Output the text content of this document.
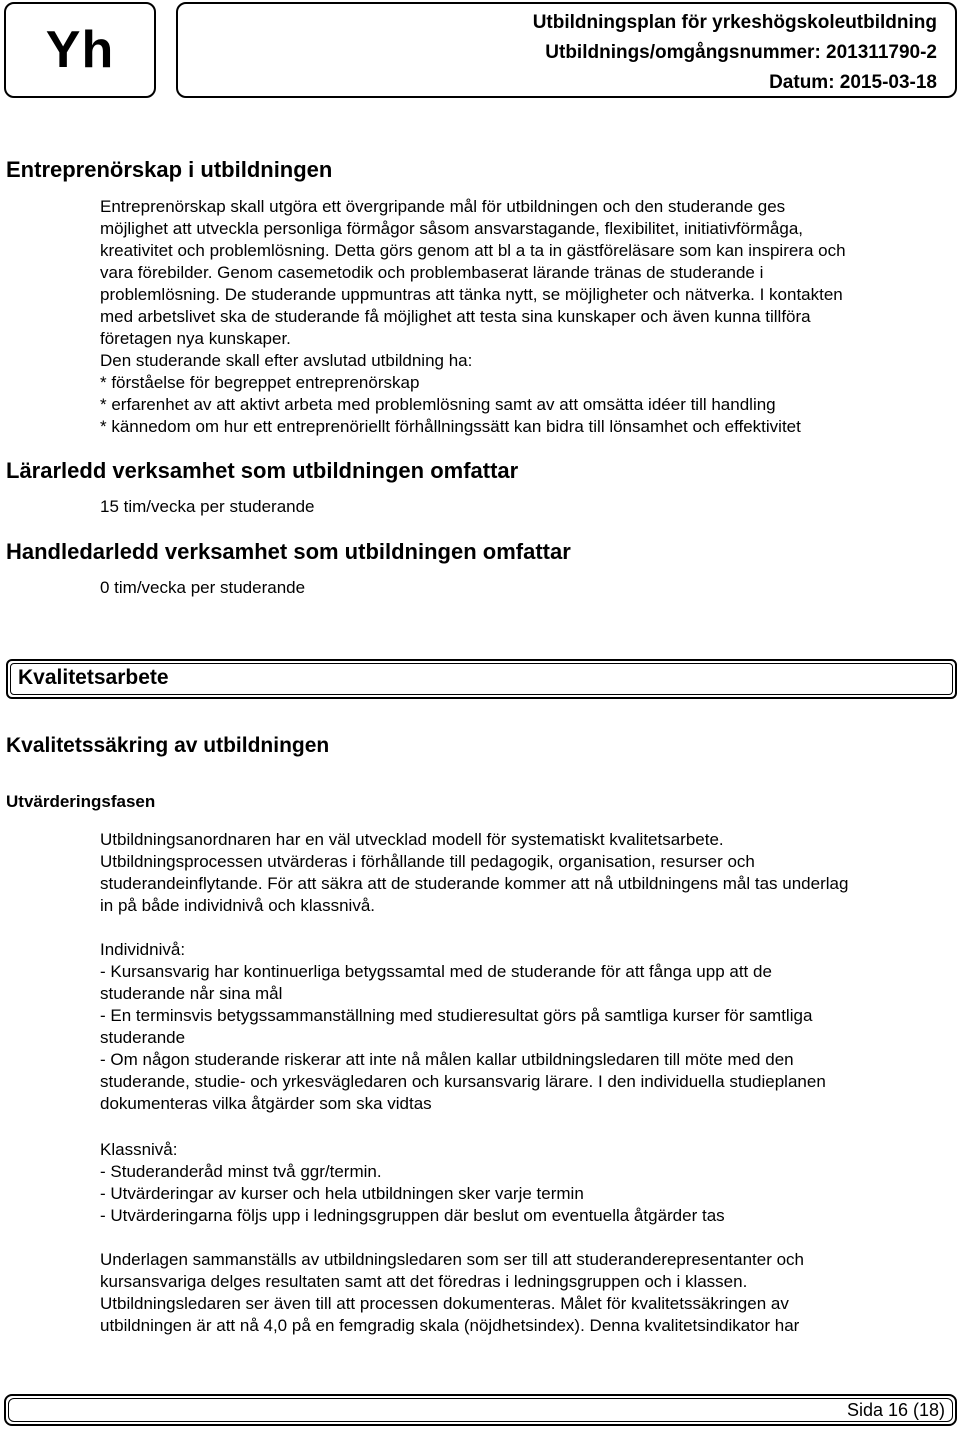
Yh	Utbildningsplan för yrkeshögskoleutbildning
Utbildnings/omgångsnummer: 201311790-2
Datum: 2015-03-18
Entreprenörskap i utbildningen
Entreprenörskap skall utgöra ett övergripande mål för utbildningen och den studerande ges
möjlighet att utveckla personliga förmågor såsom ansvarstagande, flexibilitet, initiativförmåga,
kreativitet och problemlösning. Detta görs genom att bl a ta in gästföreläsare som kan inspirera och
vara förebilder. Genom casemetodik och problembaserat lärande tränas de studerande i
problemlösning. De studerande uppmuntras att tänka nytt, se möjligheter och nätverka. I kontakten
med arbetslivet ska de studerande få möjlighet att testa sina kunskaper och även kunna tillföra
företagen nya kunskaper.
Den studerande skall efter avslutad utbildning ha:
* förståelse för begreppet entreprenörskap
* erfarenhet av att aktivt arbeta med problemlösning samt av att omsätta idéer till handling
* kännedom om hur ett entreprenöriellt förhållningssätt kan bidra till lönsamhet och effektivitet
Lärarledd verksamhet som utbildningen omfattar
15 tim/vecka per studerande
Handledarledd verksamhet som utbildningen omfattar
0 tim/vecka per studerande
Kvalitetsarbete
Kvalitetssäkring av utbildningen
Utvärderingsfasen
Utbildningsanordnaren har en väl utvecklad modell för systematiskt kvalitetsarbete.
Utbildningsprocessen utvärderas i förhållande till pedagogik, organisation, resurser och
studerandeinflytande. För att säkra att de studerande kommer att nå utbildningens mål tas underlag
in på både individnivå och klassnivå.
Individnivå:
- Kursansvarig har kontinuerliga betygssamtal med de studerande för att fånga upp att de
studerande når sina mål
- En terminsvis betygssammanställning med studieresultat görs på samtliga kurser för samtliga
studerande
- Om någon studerande riskerar att inte nå målen kallar utbildningsledaren till möte med den
studerande, studie- och yrkesvägledaren och kursansvarig lärare. I den individuella studieplanen
dokumenteras vilka åtgärder som ska vidtas
Klassnivå:
- Studeranderåd minst två ggr/termin.
- Utvärderingar av kurser och hela utbildningen sker varje termin
- Utvärderingarna följs upp i ledningsgruppen där beslut om eventuella åtgärder tas
Underlagen sammanställs av utbildningsledaren som ser till att studeranderepresentanter och
kursansvariga delges resultaten samt att det föredras i ledningsgruppen och i klassen.
Utbildningsledaren ser även till att processen dokumenteras. Målet för kvalitetssäkringen av
utbildningen är att nå 4,0 på en femgradig skala (nöjdhetsindex). Denna kvalitetsindikator har
Sida 16 (18)
